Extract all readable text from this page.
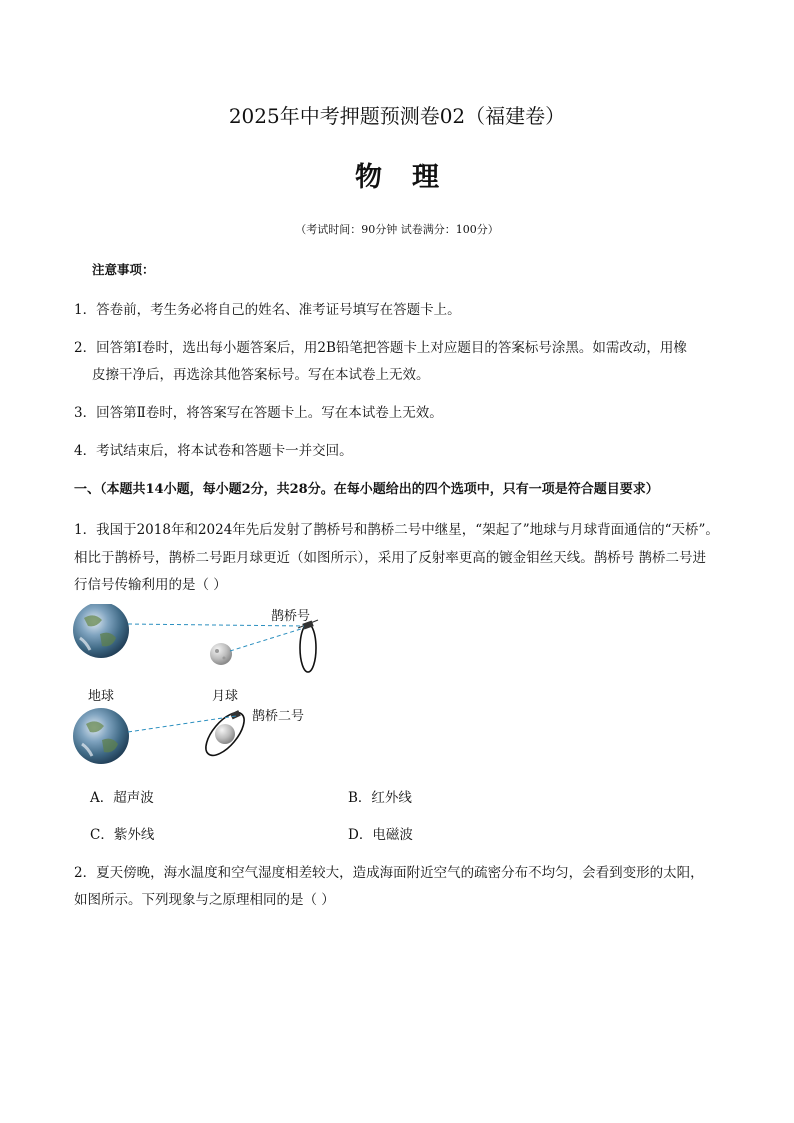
2025年中考押题预测卷02（福建卷）
物理
（考试时间：90分钟 试卷满分：100分）
注意事项：
1．答卷前，考生务必将自己的姓名、准考证号填写在答题卡上。
2．回答第Ⅰ卷时，选出每小题答案后，用2B铅笔把答题卡上对应题目的答案标号涂黑。如需改动，用橡
皮擦干净后，再选涂其他答案标号。写在本试卷上无效。
3．回答第Ⅱ卷时，将答案写在答题卡上。写在本试卷上无效。
4．考试结束后，将本试卷和答题卡一并交回。
一、（本题共14小题，每小题2分，共28分。在每小题给出的四个选项中，只有一项是符合题目要求）
1．我国于2018年和2024年先后发射了鹊桥号和鹊桥二号中继星，“架起了”地球与月球背面通信的“天桥”。
相比于鹊桥号，鹊桥二号距月球更近（如图所示），采用了反射率更高的镀金钼丝天线。鹊桥号 鹊桥二号进
行信号传输利用的是（ ）
鹊桥号
地球	月球
鹊桥二号
A．超声波	B．红外线
C．紫外线	D．电磁波
2．夏天傍晚，海水温度和空气湿度相差较大，造成海面附近空气的疏密分布不均匀，会看到变形的太阳，
如图所示。下列现象与之原理相同的是（ ）
